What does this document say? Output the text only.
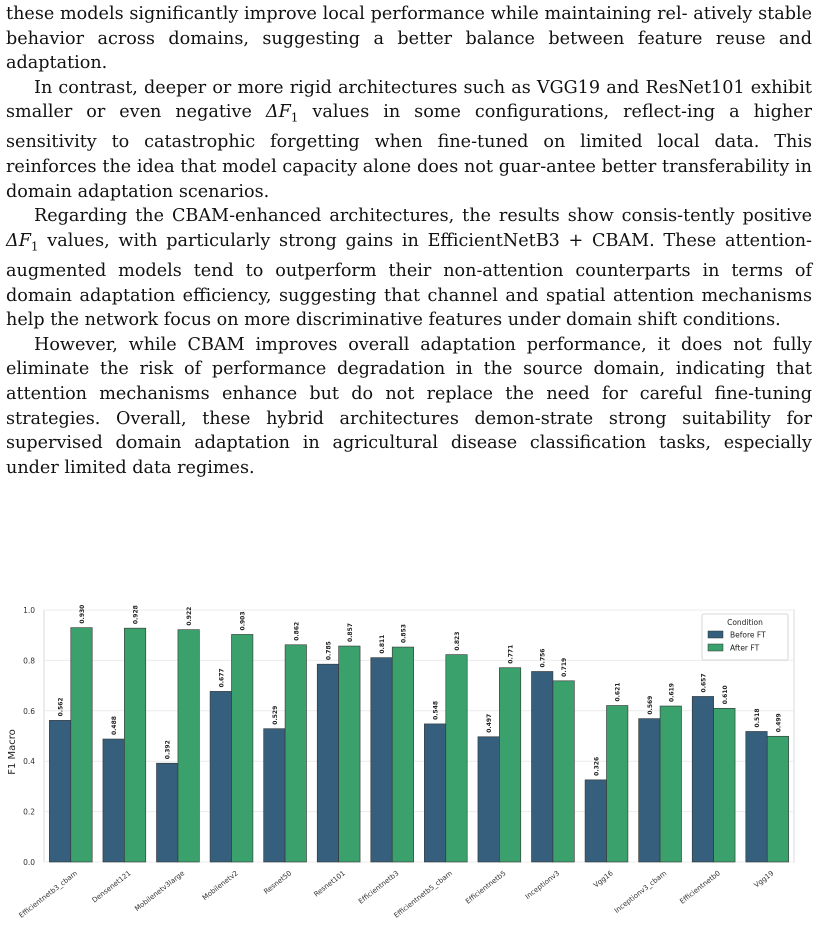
these models significantly improve local performance while maintaining rel- atively stable behavior across domains, suggesting a better balance between feature reuse and adaptation.

In contrast, deeper or more rigid architectures such as VGG19 and ResNet101 exhibit smaller or even negative $\Delta F_1$ values in some configurations, reflect-ing a higher sensitivity to catastrophic forgetting when fine-tuned on limited local data. This reinforces the idea that model capacity alone does not guar-antee better transferability in domain adaptation scenarios.

Regarding the CBAM-enhanced architectures, the results show consis-tently positive $\Delta F_1$ values, with particularly strong gains in EfficientNetB3 + CBAM. These attention-augmented models tend to outperform their non-attention counterparts in terms of domain adaptation efficiency, suggesting that channel and spatial attention mechanisms help the network focus on more discriminative features under domain shift conditions.

However, while CBAM improves overall adaptation performance, it does not fully eliminate the risk of performance degradation in the source domain, indicating that attention mechanisms enhance but do not replace the need for careful fine-tuning strategies. Overall, these hybrid architectures demon-strate strong suitability for supervised domain adaptation in agricultural disease classification tasks, especially under limited data regimes.

0.562
0.930
0.488
0.928
0.392
0.922
0.677
0.903
0.529
0.862
0.785
0.857
0.811
0.853
0.548
0.823
0.497
0.771	0.756 0.719
0.326
0.621
0.569
0.619
0.657
0.610
0.518 0.499
0.0
0.2
0.4
0.6
0.8
1.0
Efficientnetb3_cbam Densenet121 Mobilenetv3large Mobilenetv2	Resnet50	Resnet101 Efficientnetb3
Efficientnetb5_cbam Efficientnetb5 Inceptionv3	Vgg16
Inceptionv3_cbam Efficientnetb0	Vgg19
F1 Macro
Condition
Before FT
After FT
